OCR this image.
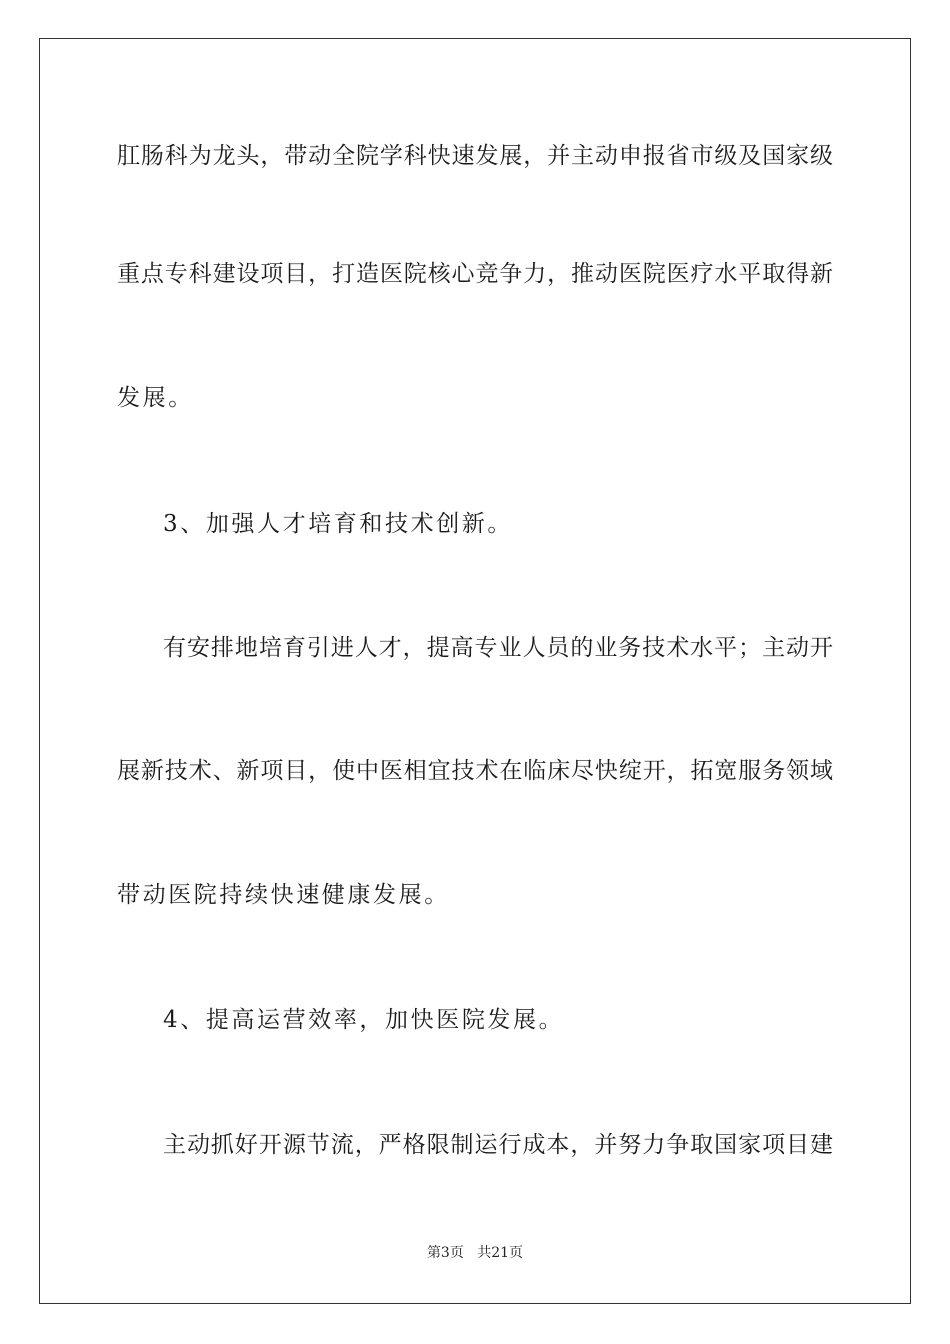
肛肠科为龙头，带动全院学科快速发展，并主动申报省市级及国家级
重点专科建设项目，打造医院核心竞争力，推动医院医疗水平取得新
发展。
3、加强人才培育和技术创新。
有安排地培育引进人才，提高专业人员的业务技术水平；主动开
展新技术、新项目，使中医相宜技术在临床尽快绽开，拓宽服务领域
带动医院持续快速健康发展。
4、提高运营效率，加快医院发展。
主动抓好开源节流，严格限制运行成本，并努力争取国家项目建
第3页 共21页
